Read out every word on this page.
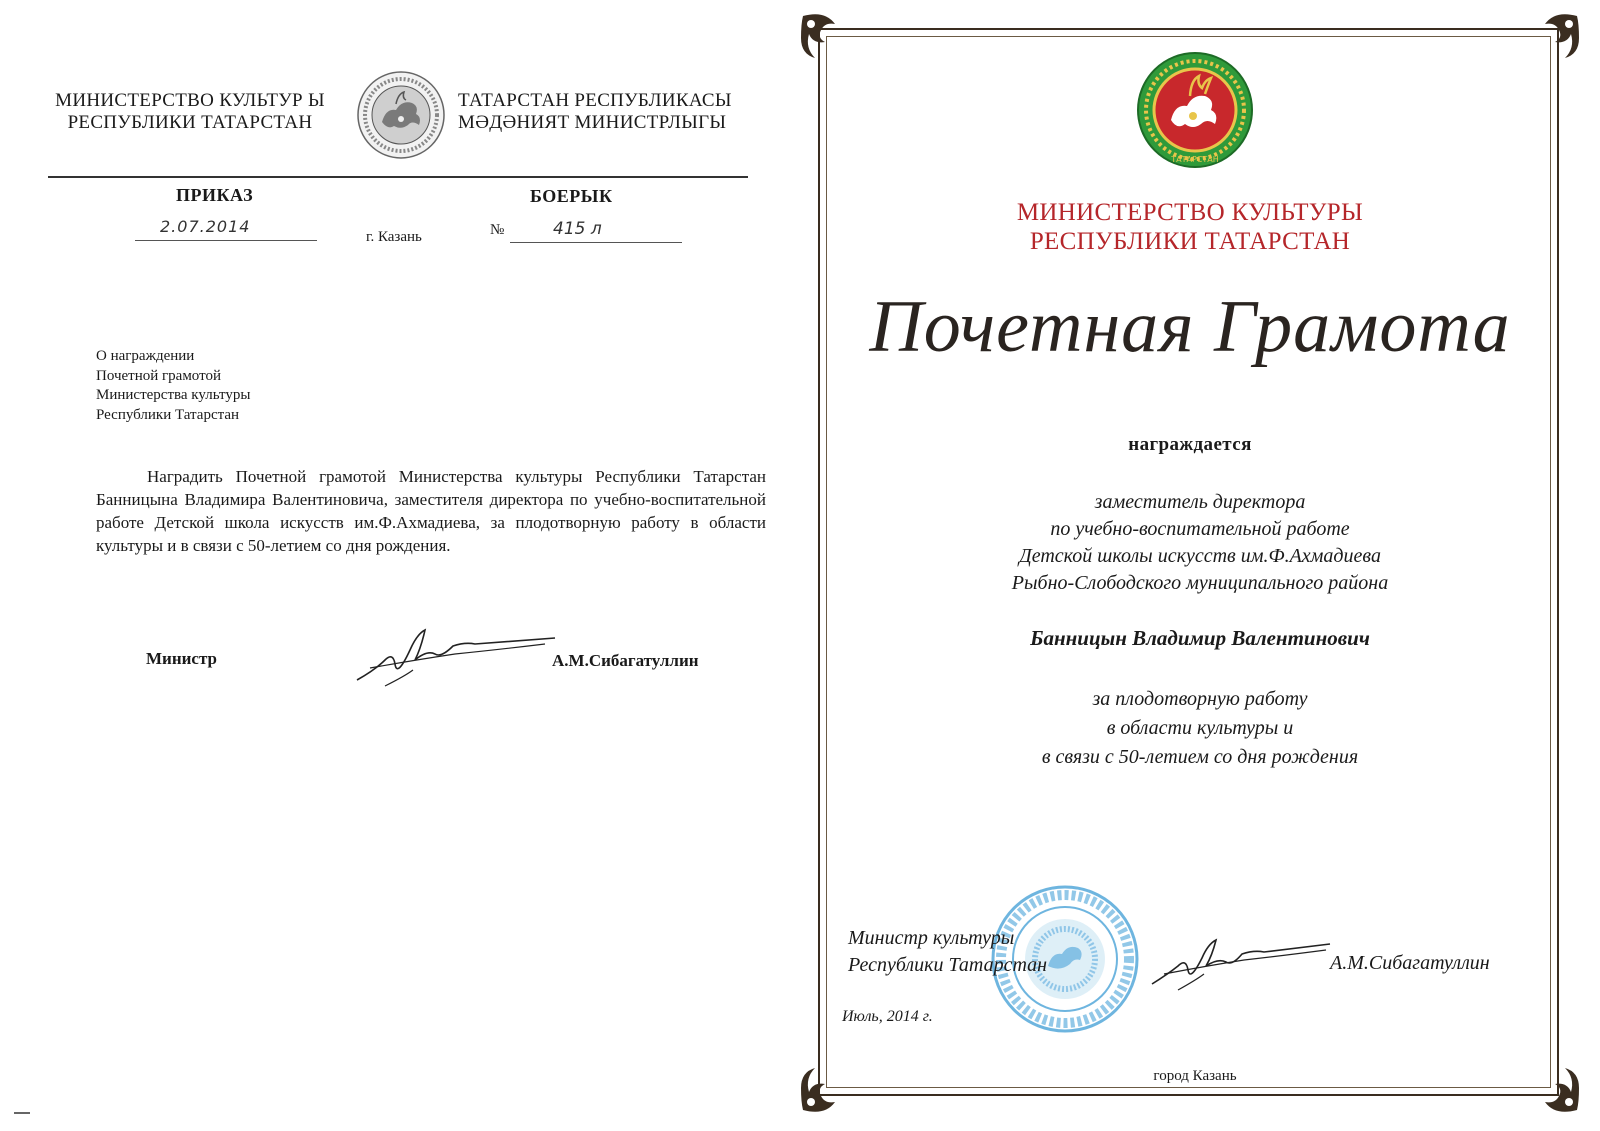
МИНИСТЕРСТВО КУЛЬТУР Ы
РЕСПУБЛИКИ ТАТАРСТАН
ТАТАРСТАН РЕСПУБЛИКАСЫ
МӘДӘНИЯТ МИНИСТРЛЫГЫ
ПРИКАЗ	БОЕРЫК
2.07.2014
г. Казань	№	415 л
О награждении
Почетной грамотой
Министерства культуры
Республики Татарстан

Наградить Почетной грамотой Министерства культуры Республики Татарстан Банницына Владимира Валентиновича, заместителя директора по учебно-воспитательной работе Детской школа искусств им.Ф.Ахмадиева, за плодотворную работу в области культуры и в связи с 50-летием со дня рождения.

Министр	А.М.Сибагатуллин
ТАТАРСТАН
МИНИСТЕРСТВО КУЛЬТУРЫ
РЕСПУБЛИКИ ТАТАРСТАН
Почетная Грамота
награждается
заместитель директора
по учебно-воспитательной работе
Детской школы искусств им.Ф.Ахмадиева
Рыбно-Слободского муниципального района
Банницын Владимир Валентинович
за плодотворную работу
в области культуры и
в связи с 50-летием со дня рождения
Министр культуры
Республики Татарстан
Июль, 2014 г.
А.М.Сибагатуллин
город Казань
